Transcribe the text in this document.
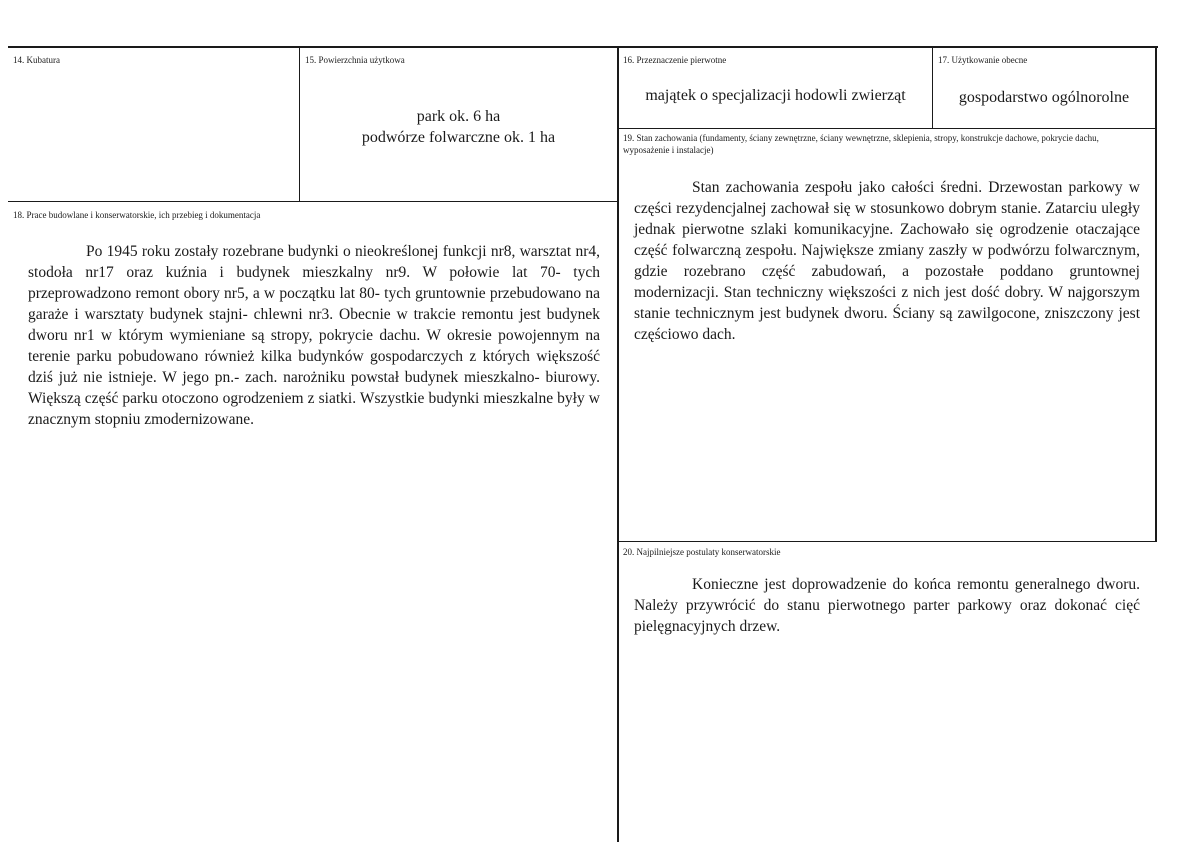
14. Kubatura	15. Powierzchnia użytkowa
park ok. 6 ha
podwórze folwarczne ok. 1 ha
16. Przeznaczenie pierwotne
majątek o specjalizacji hodowli zwierząt
17. Użytkowanie obecne
gospodarstwo ogólnorolne
18. Prace budowlane i konserwatorskie, ich przebieg i dokumentacja

Po 1945 roku zostały rozebrane budynki o nieokreślonej funkcji nr8, warsztat nr4, stodoła nr17 oraz kuźnia i budynek mieszkalny nr9. W połowie lat 70- tych przeprowadzono remont obory nr5, a w początku lat 80- tych gruntownie przebudowano na garaże i warsztaty budynek stajni- chlewni nr3. Obecnie w trakcie remontu jest budynek dworu nr1 w którym wymieniane są stropy, pokrycie dachu. W okresie powojennym na terenie parku pobudowano również kilka budynków gospodarczych z których większość dziś już nie istnieje. W jego pn.- zach. narożniku powstał budynek mieszkalno- biurowy. Większą część parku otoczono ogrodzeniem z siatki. Wszystkie budynki mieszkalne były w znacznym stopniu zmodernizowane.

19. Stan zachowania (fundamenty, ściany zewnętrzne, ściany wewnętrzne, sklepienia, stropy, konstrukcje dachowe, pokrycie dachu, wyposażenie i instalacje)

Stan zachowania zespołu jako całości średni. Drzewostan parkowy w części rezydencjalnej zachował się w stosunkowo dobrym stanie. Zatarciu uległy jednak pierwotne szlaki komunikacyjne. Zachowało się ogrodzenie otaczające część folwarczną zespołu. Największe zmiany zaszły w podwórzu folwarcznym, gdzie rozebrano część zabudowań, a pozostałe poddano gruntownej modernizacji. Stan techniczny większości z nich jest dość dobry. W najgorszym stanie technicznym jest budynek dworu. Ściany są zawilgocone, zniszczony jest częściowo dach.

20. Najpilniejsze postulaty konserwatorskie

Konieczne jest doprowadzenie do końca remontu generalnego dworu. Należy przywrócić do stanu pierwotnego parter parkowy oraz dokonać cięć pielęgnacyjnych drzew.
